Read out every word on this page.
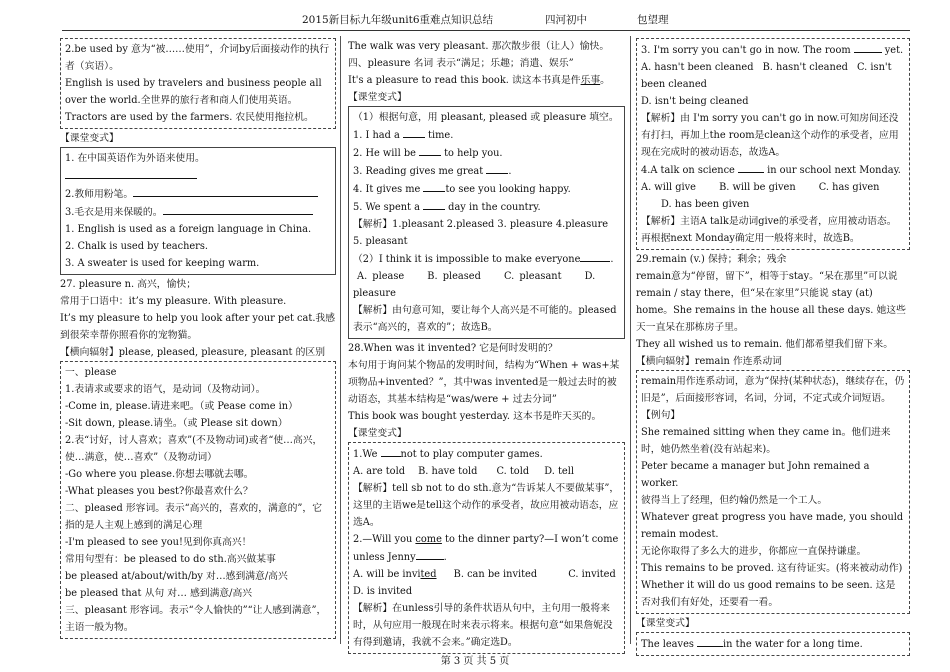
2015新目标九年级unit6重难点知识总结	四河初中	包望理

2.be used by 意为“被……使用”，介词by后面接动作的执行者（宾语）。

English is used by travelers and business people all over the world.全世界的旅行者和商人们使用英语。

Tractors are used by the farmers. 农民使用拖拉机。

【课堂变式】

1. 在中国英语作为外语来使用。

2.教师用粉笔。

3.毛衣是用来保暖的。

1. English is used as a foreign language in China.

2. Chalk is used by teachers.

3. A sweater is used for keeping warm.

27. pleasure n. 高兴，愉快；

常用于口语中：it’s my pleasure. With pleasure.

It’s my pleasure to help you look after your pet cat.我感到很荣幸帮你照看你的宠物猫。

【横向辐射】please, pleased, pleasure, pleasant 的区别

一、please

1.表请求或要求的语气，是动词（及物动词）。

-Come in, please.请进来吧。（或 Pease come in）

-Sit down, please.请坐。（或 Please sit down）

2.表“讨好，讨人喜欢；喜欢”(不及物动词)或者“使…高兴，使…满意，使…喜欢”（及物动词）

-Go where you please.你想去哪就去哪。

-What pleases you best?你最喜欢什么？

二、pleased 形容词。表示“高兴的，喜欢的，满意的”，它指的是人主观上感到的满足心理

-I'm pleased to see you!见到你真高兴！

常用句型有：be pleased to do sth.高兴做某事

be pleased at/about/with/by 对…感到满意/高兴

be pleased that 从句 对… 感到满意/高兴

三、pleasant 形容词。表示“令人愉快的”“让人感到满意”，主语一般为物。

The walk was very pleasant. 那次散步很（让人）愉快。

四、pleasure 名词 表示“满足；乐趣；消遣、娱乐”

It's a pleasure to read this book. 读这本书真是件乐事。

【课堂变式】

（1）根据句意，用 pleasant, pleased 或 pleasure 填空。

1. I had a  time.

2. He will be  to help you.

3. Reading gives me great .

4. It gives me to see you looking happy.

5. We spent a  day in the country.

【解析】1.pleasant 2.pleased 3. pleasure 4.pleasure 5. pleasant

（2）I think it is impossible to make everyone	.

A. please B. pleased C. pleasant D. pleasure

【解析】由句意可知，要让每个人高兴是不可能的。pleased表示“高兴的，喜欢的”；故选B。

28.When was it invented? 它是何时发明的？

本句用于询问某个物品的发明时间，结构为“When + was+某项物品+invented？”，其中was invented是一般过去时的被动语态，其基本结构是“was/were + 过去分词”

This book was bought yesterday. 这本书是昨天买的。

【课堂变式】

1.We not to play computer games.

A. are told B. have told C. told D. tell

【解析】tell sb not to do sth.意为“告诉某人不要做某事”，这里的主语we是tell这个动作的承受者，故应用被动语态，应选A。

2.—Will you come to the dinner party?—I won’t come unless Jenny	.

A. will be invited B. can be invited	C. invited

D. is invited

【解析】在unless引导的条件状语从句中，主句用一般将来时，从句应用一般现在时来表示将来。根据句意“如果詹妮没有得到邀请，我就不会来。”确定选D。

3. I'm sorry you can't go in now. The room	yet.

A. hasn't been cleaned B. hasn't cleaned C. isn't been cleaned

D. isn't being cleaned

【解析】由 I'm sorry you can't go in now.可知房间还没有打扫，再加上the room是clean这个动作的承受者，应用现在完成时的被动语态，故选A。

4.A talk on science	in our school next Monday.

A. will give B. will be given C. has given D. has been given

【解析】主语A talk是动词give的承受者，应用被动语态。再根据next Monday确定用一般将来时，故选B。

29.remain (v.) 保持；剩余；残余

remain意为“停留，留下”，相等于stay。“呆在那里”可以说 remain / stay there，但“呆在家里”只能说 stay (at) home。She remains in the house all these days. 她这些天一直呆在那栋房子里。

They all wished us to remain. 他们都希望我们留下来。

【横向辐射】remain 作连系动词

remain用作连系动词，意为“保持(某种状态)，继续存在，仍旧是”，后面接形容词，名词，分词，不定式或介词短语。

【例句】

She remained sitting when they came in。他们进来时，她仍然坐着(没有站起来)。

Peter became a manager but John remained a worker.

彼得当上了经理，但约翰仍然是一个工人。

Whatever great progress you have made, you should remain modest.

无论你取得了多么大的进步，你都应一直保持谦虚。

This remains to be proved. 这有待证实。(将来被动动作)

Whether it will do us good remains to be seen. 这是否对我们有好处，还要看一看。

【课堂变式】

The leaves	in the water for a long time.

第 3 页 共 5 页
